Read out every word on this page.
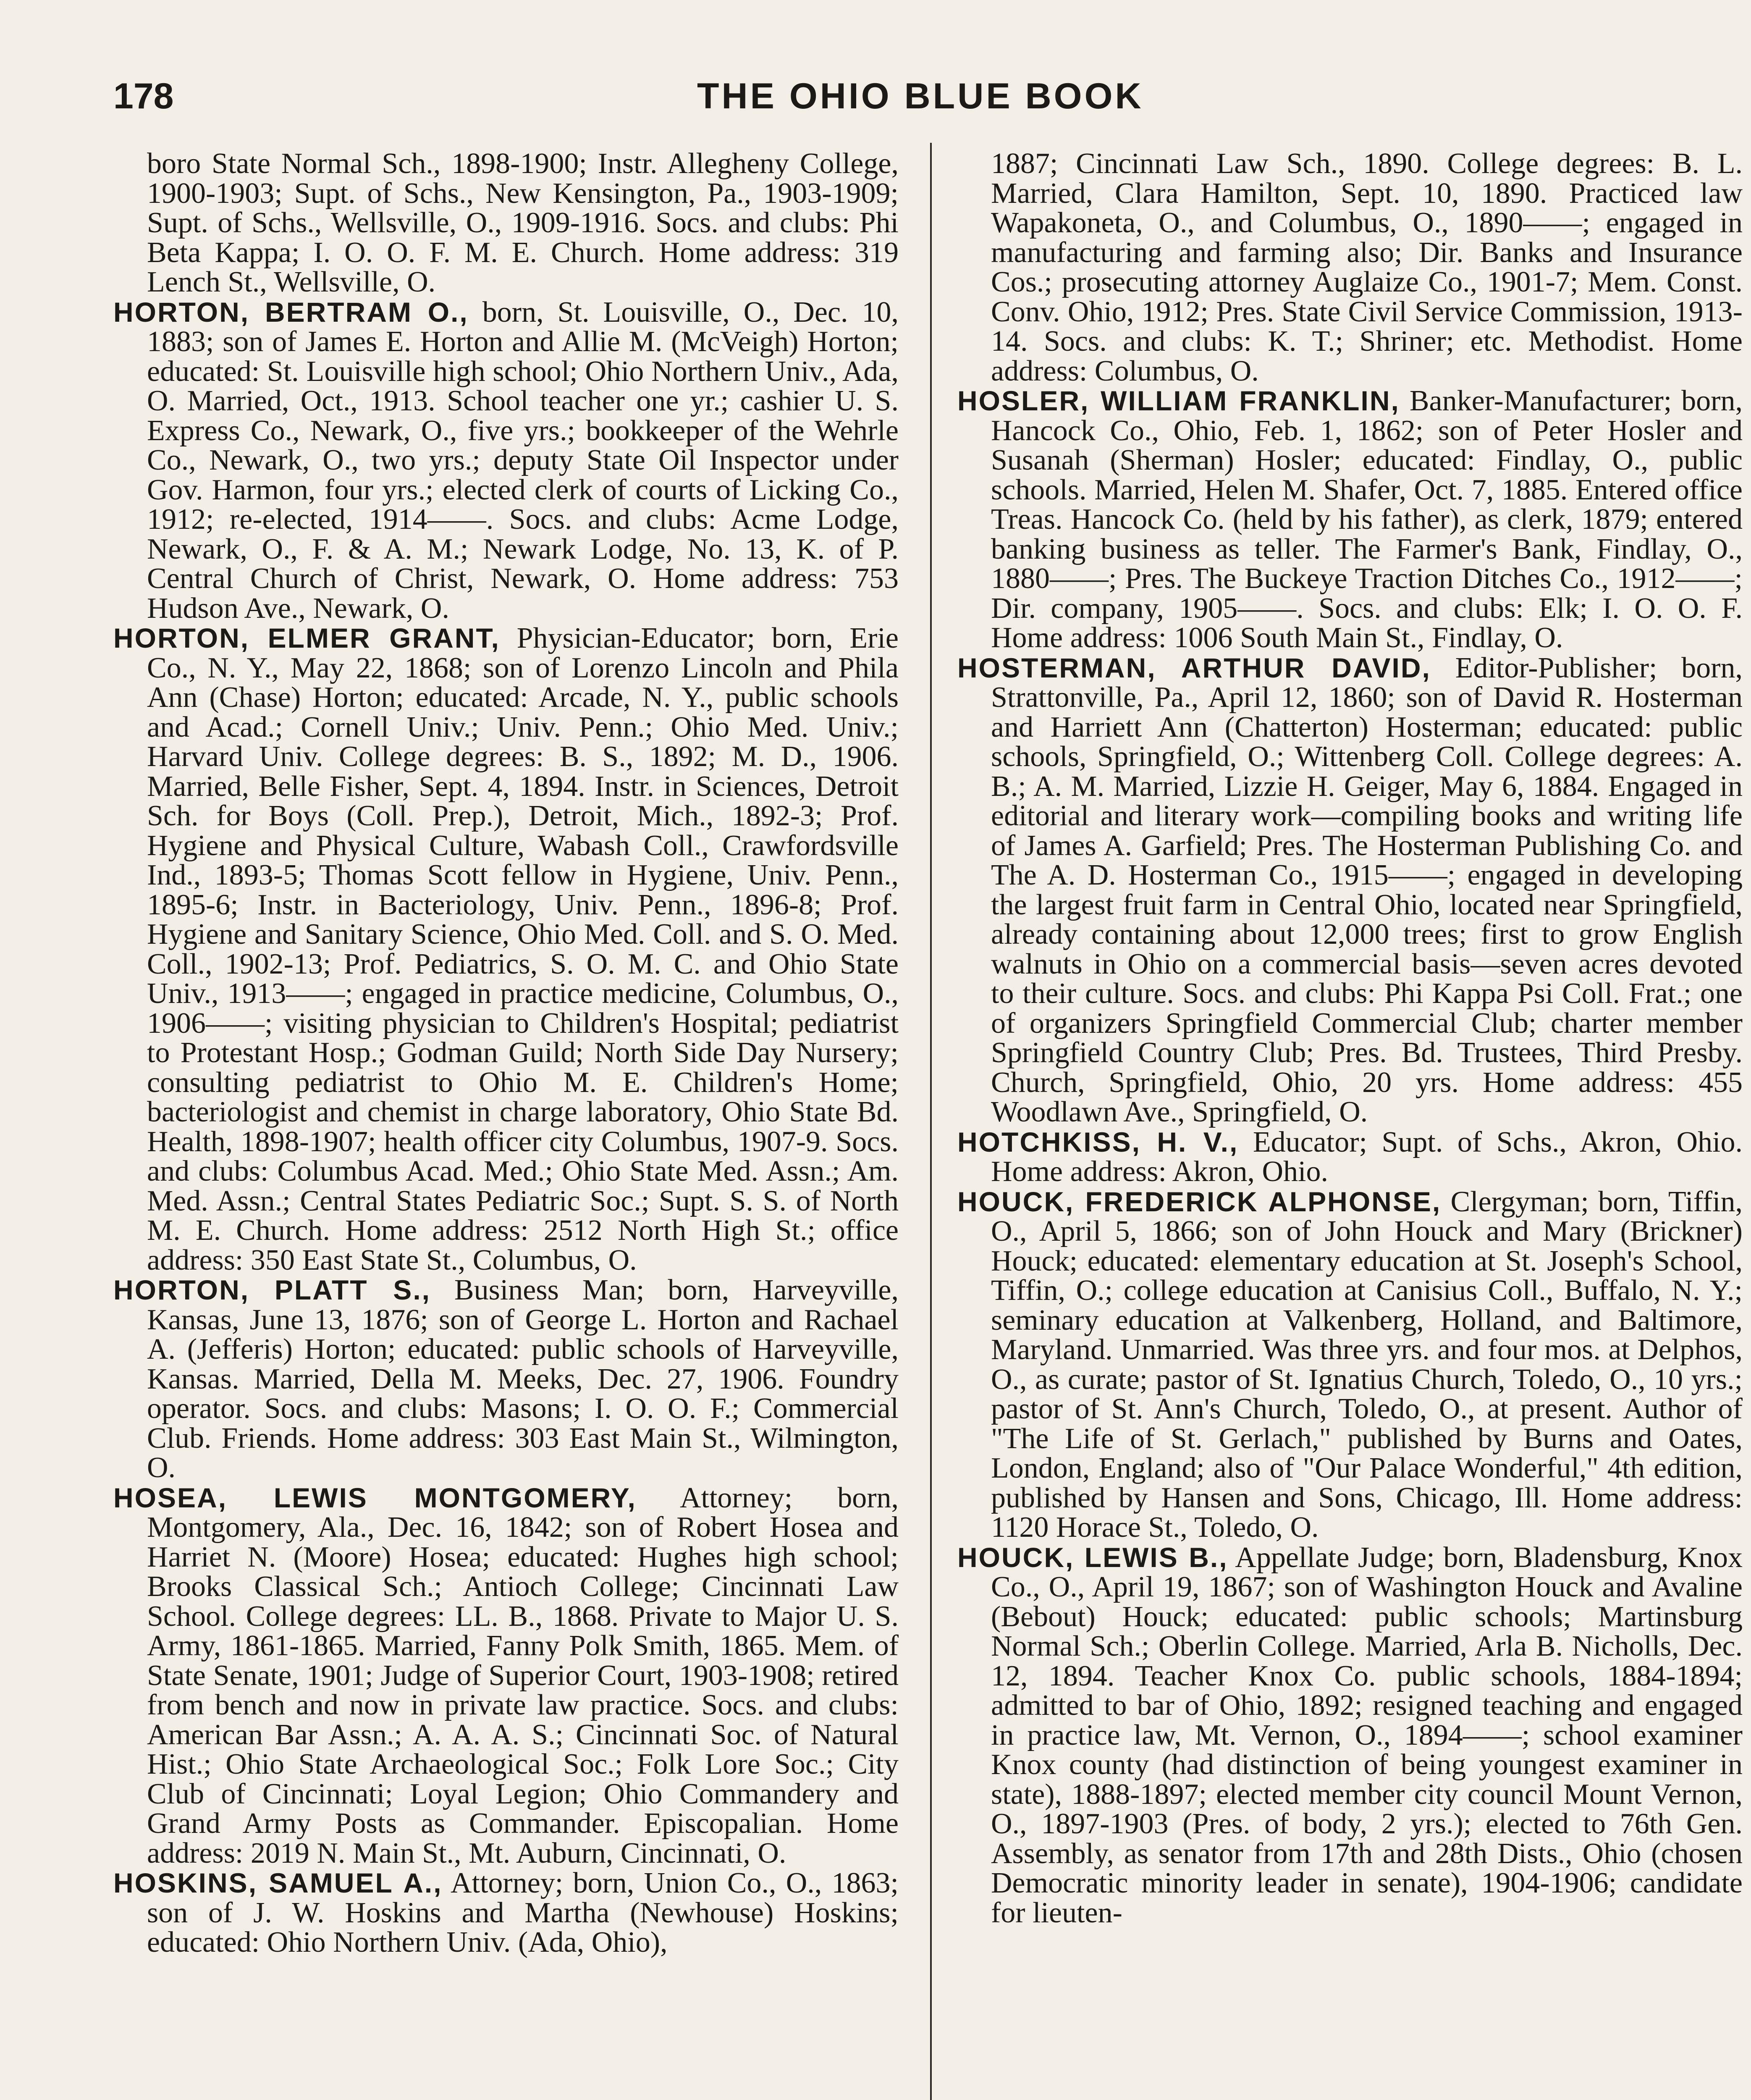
178	THE OHIO BLUE BOOK
boro State Normal Sch., 1898-1900; Instr. Allegheny College, 1900-1903; Supt. of Schs., New Kensington, Pa., 1903-1909; Supt. of Schs., Wellsville, O., 1909-1916. Socs. and clubs: Phi Beta Kappa; I. O. O. F. M. E. Church. Home address: 319 Lench St., Wellsville, O.
HORTON, BERTRAM O., born, St. Louisville, O., Dec. 10, 1883; son of James E. Horton and Allie M. (McVeigh) Horton; educated: St. Louisville high school; Ohio Northern Univ., Ada, O. Married, Oct., 1913. School teacher one yr.; cashier U. S. Express Co., Newark, O., five yrs.; bookkeeper of the Wehrle Co., Newark, O., two yrs.; deputy State Oil Inspector under Gov. Harmon, four yrs.; elected clerk of courts of Licking Co., 1912; re-elected, 1914——. Socs. and clubs: Acme Lodge, Newark, O., F. & A. M.; Newark Lodge, No. 13, K. of P. Central Church of Christ, Newark, O. Home address: 753 Hudson Ave., Newark, O.
HORTON, ELMER GRANT, Physician-Educator; born, Erie Co., N. Y., May 22, 1868; son of Lorenzo Lincoln and Phila Ann (Chase) Horton; educated: Arcade, N. Y., public schools and Acad.; Cornell Univ.; Univ. Penn.; Ohio Med. Univ.; Harvard Univ. College degrees: B. S., 1892; M. D., 1906. Married, Belle Fisher, Sept. 4, 1894. Instr. in Sciences, Detroit Sch. for Boys (Coll. Prep.), Detroit, Mich., 1892-3; Prof. Hygiene and Physical Culture, Wabash Coll., Crawfordsville Ind., 1893-5; Thomas Scott fellow in Hygiene, Univ. Penn., 1895-6; Instr. in Bacteriology, Univ. Penn., 1896-8; Prof. Hygiene and Sanitary Science, Ohio Med. Coll. and S. O. Med. Coll., 1902-13; Prof. Pediatrics, S. O. M. C. and Ohio State Univ., 1913——; engaged in practice medicine, Columbus, O., 1906——; visiting physician to Children's Hospital; pediatrist to Protestant Hosp.; Godman Guild; North Side Day Nursery; consulting pediatrist to Ohio M. E. Children's Home; bacteriologist and chemist in charge laboratory, Ohio State Bd. Health, 1898-1907; health officer city Columbus, 1907-9. Socs. and clubs: Columbus Acad. Med.; Ohio State Med. Assn.; Am. Med. Assn.; Central States Pediatric Soc.; Supt. S. S. of North M. E. Church. Home address: 2512 North High St.; office address: 350 East State St., Columbus, O.
HORTON, PLATT S., Business Man; born, Harveyville, Kansas, June 13, 1876; son of George L. Horton and Rachael A. (Jefferis) Horton; educated: public schools of Harveyville, Kansas. Married, Della M. Meeks, Dec. 27, 1906. Foundry operator. Socs. and clubs: Masons; I. O. O. F.; Commercial Club. Friends. Home address: 303 East Main St., Wilmington, O.
HOSEA, LEWIS MONTGOMERY, Attorney; born, Montgomery, Ala., Dec. 16, 1842; son of Robert Hosea and Harriet N. (Moore) Hosea; educated: Hughes high school; Brooks Classical Sch.; Antioch College; Cincinnati Law School. College degrees: LL. B., 1868. Private to Major U. S. Army, 1861-1865. Married, Fanny Polk Smith, 1865. Mem. of State Senate, 1901; Judge of Superior Court, 1903-1908; retired from bench and now in private law practice. Socs. and clubs: American Bar Assn.; A. A. A. S.; Cincinnati Soc. of Natural Hist.; Ohio State Archaeological Soc.; Folk Lore Soc.; City Club of Cincinnati; Loyal Legion; Ohio Commandery and Grand Army Posts as Commander. Episcopalian. Home address: 2019 N. Main St., Mt. Auburn, Cincinnati, O.
HOSKINS, SAMUEL A., Attorney; born, Union Co., O., 1863; son of J. W. Hoskins and Martha (Newhouse) Hoskins; educated: Ohio Northern Univ. (Ada, Ohio),
1887; Cincinnati Law Sch., 1890. College degrees: B. L. Married, Clara Hamilton, Sept. 10, 1890. Practiced law Wapakoneta, O., and Columbus, O., 1890——; engaged in manufacturing and farming also; Dir. Banks and Insurance Cos.; prosecuting attorney Auglaize Co., 1901-7; Mem. Const. Conv. Ohio, 1912; Pres. State Civil Service Commission, 1913-14. Socs. and clubs: K. T.; Shriner; etc. Methodist. Home address: Columbus, O.
HOSLER, WILLIAM FRANKLIN, Banker-Manufacturer; born, Hancock Co., Ohio, Feb. 1, 1862; son of Peter Hosler and Susanah (Sherman) Hosler; educated: Findlay, O., public schools. Married, Helen M. Shafer, Oct. 7, 1885. Entered office Treas. Hancock Co. (held by his father), as clerk, 1879; entered banking business as teller. The Farmer's Bank, Findlay, O., 1880——; Pres. The Buckeye Traction Ditches Co., 1912——; Dir. company, 1905——. Socs. and clubs: Elk; I. O. O. F. Home address: 1006 South Main St., Findlay, O.
HOSTERMAN, ARTHUR DAVID, Editor-Publisher; born, Strattonville, Pa., April 12, 1860; son of David R. Hosterman and Harriett Ann (Chatterton) Hosterman; educated: public schools, Springfield, O.; Wittenberg Coll. College degrees: A. B.; A. M. Married, Lizzie H. Geiger, May 6, 1884. Engaged in editorial and literary work—compiling books and writing life of James A. Garfield; Pres. The Hosterman Publishing Co. and The A. D. Hosterman Co., 1915——; engaged in developing the largest fruit farm in Central Ohio, located near Springfield, already containing about 12,000 trees; first to grow English walnuts in Ohio on a commercial basis—seven acres devoted to their culture. Socs. and clubs: Phi Kappa Psi Coll. Frat.; one of organizers Springfield Commercial Club; charter member Springfield Country Club; Pres. Bd. Trustees, Third Presby. Church, Springfield, Ohio, 20 yrs. Home address: 455 Woodlawn Ave., Springfield, O.
HOTCHKISS, H. V., Educator; Supt. of Schs., Akron, Ohio. Home address: Akron, Ohio.
HOUCK, FREDERICK ALPHONSE, Clergyman; born, Tiffin, O., April 5, 1866; son of John Houck and Mary (Brickner) Houck; educated: elementary education at St. Joseph's School, Tiffin, O.; college education at Canisius Coll., Buffalo, N. Y.; seminary education at Valkenberg, Holland, and Baltimore, Maryland. Unmarried. Was three yrs. and four mos. at Delphos, O., as curate; pastor of St. Ignatius Church, Toledo, O., 10 yrs.; pastor of St. Ann's Church, Toledo, O., at present. Author of "The Life of St. Gerlach," published by Burns and Oates, London, England; also of "Our Palace Wonderful," 4th edition, published by Hansen and Sons, Chicago, Ill. Home address: 1120 Horace St., Toledo, O.
HOUCK, LEWIS B., Appellate Judge; born, Bladensburg, Knox Co., O., April 19, 1867; son of Washington Houck and Avaline (Bebout) Houck; educated: public schools; Martinsburg Normal Sch.; Oberlin College. Married, Arla B. Nicholls, Dec. 12, 1894. Teacher Knox Co. public schools, 1884-1894; admitted to bar of Ohio, 1892; resigned teaching and engaged in practice law, Mt. Vernon, O., 1894——; school examiner Knox county (had distinction of being youngest examiner in state), 1888-1897; elected member city council Mount Vernon, O., 1897-1903 (Pres. of body, 2 yrs.); elected to 76th Gen. Assembly, as senator from 17th and 28th Dists., Ohio (chosen Democratic minority leader in senate), 1904-1906; candidate for lieuten-
